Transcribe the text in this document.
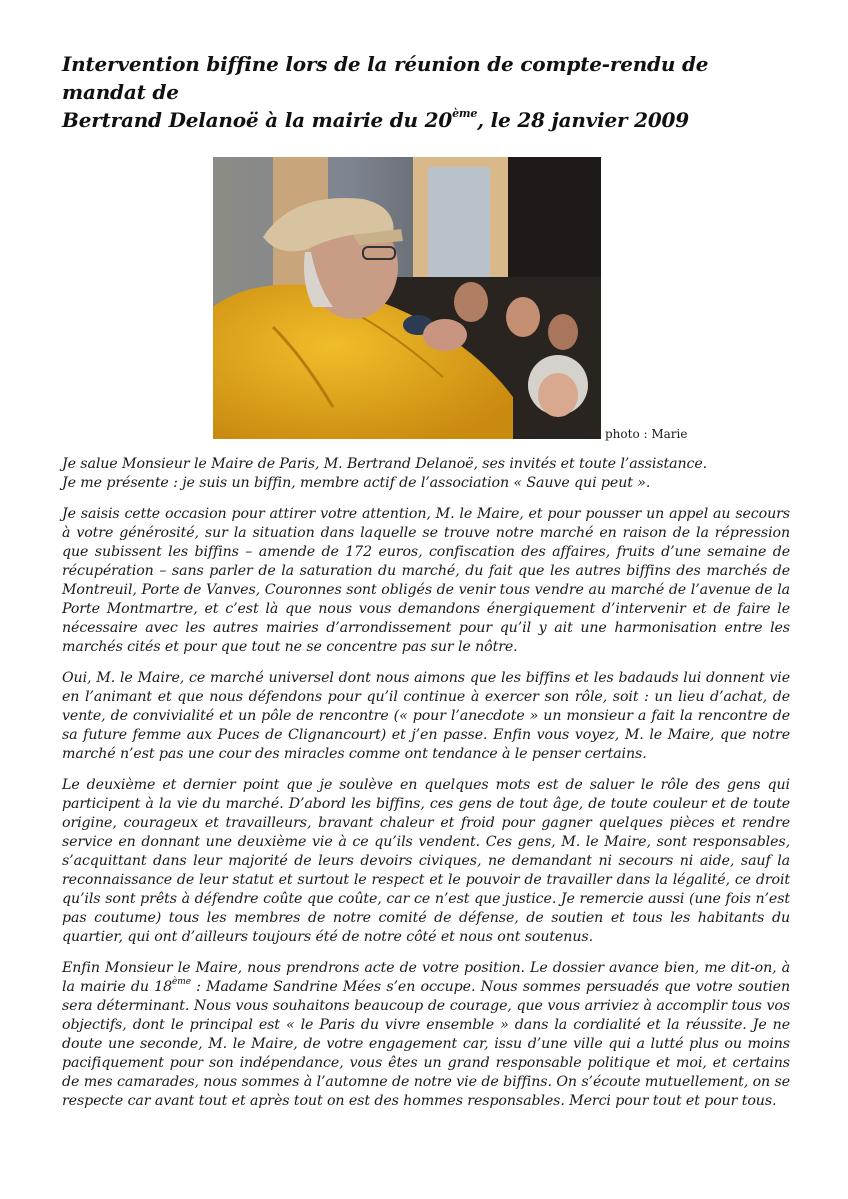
Intervention biffine lors de la réunion de compte-rendu de mandat de
Bertrand Delanoë à la mairie du 20ème, le 28 janvier 2009
photo : Marie

Je salue Monsieur le Maire de Paris, M. Bertrand Delanoë, ses invités et toute l’assistance.
Je me présente : je suis un biffin, membre actif de l’association « Sauve qui peut ».

Je saisis cette occasion pour attirer votre attention, M. le Maire, et pour pousser un appel au secours à votre générosité, sur la situation dans laquelle se trouve notre marché en raison de la répression que subissent les biffins – amende de 172 euros, confiscation des affaires, fruits d’une semaine de récupération – sans parler de la saturation du marché, du fait que les autres biffins des marchés de Montreuil, Porte de Vanves, Couronnes sont obligés de venir tous vendre au marché de l’avenue de la Porte Montmartre, et c’est là que nous vous demandons énergiquement d’intervenir et de faire le nécessaire avec les autres mairies d’arrondissement pour qu’il y ait une harmonisation entre les marchés cités et pour que tout ne se concentre pas sur le nôtre.

Oui, M. le Maire, ce marché universel dont nous aimons que les biffins et les badauds lui donnent vie en l’animant et que nous défendons pour qu’il continue à exercer son rôle, soit : un lieu d’achat, de vente, de convivialité et un pôle de rencontre (« pour l’anecdote » un monsieur a fait la rencontre de sa future femme aux Puces de Clignancourt) et j’en passe. Enfin vous voyez, M. le Maire, que notre marché n’est pas une cour des miracles comme ont tendance à le penser certains.

Le deuxième et dernier point que je soulève en quelques mots est de saluer le rôle des gens qui participent à la vie du marché. D’abord les biffins, ces gens de tout âge, de toute couleur et de toute origine, courageux et travailleurs, bravant chaleur et froid pour gagner quelques pièces et rendre service en donnant une deuxième vie à ce qu’ils vendent. Ces gens, M. le Maire, sont responsables, s’acquittant dans leur majorité de leurs devoirs civiques, ne demandant ni secours ni aide, sauf la reconnaissance de leur statut et surtout le respect et le pouvoir de travailler dans la légalité, ce droit qu’ils sont prêts à défendre coûte que coûte, car ce n’est que justice. Je remercie aussi (une fois n’est pas coutume) tous les membres de notre comité de défense, de soutien et tous les habitants du quartier, qui ont d’ailleurs toujours été de notre côté et nous ont soutenus.

Enfin Monsieur le Maire, nous prendrons acte de votre position. Le dossier avance bien, me dit-on, à la mairie du 18ème : Madame Sandrine Mées s’en occupe. Nous sommes persuadés que votre soutien sera déterminant. Nous vous souhaitons beaucoup de courage, que vous arriviez à accomplir tous vos objectifs, dont le principal est « le Paris du vivre ensemble » dans la cordialité et la réussite. Je ne doute une seconde, M. le Maire, de votre engagement car, issu d’une ville qui a lutté plus ou moins pacifiquement pour son indépendance, vous êtes un grand responsable politique et moi, et certains de mes camarades, nous sommes à l’automne de notre vie de biffins. On s’écoute mutuellement, on se respecte car avant tout et après tout on est des hommes responsables. Merci pour tout et pour tous.
